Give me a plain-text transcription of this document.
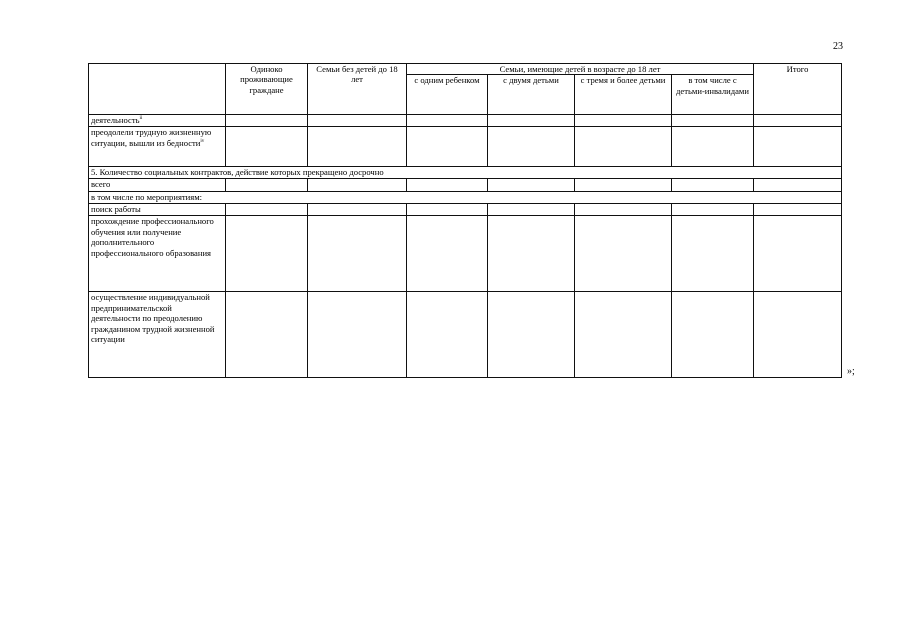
23
	Одиноко проживающие граждане	Семьи без детей до 18 лет	Семьи, имеющие детей в возрасте до 18 лет				Итого
			с одним ребенком	с двумя детьми	с тремя и более детьми	в том числе с детьми-инвалидами	
деятельность$^{ii}$							
преодолели трудную жизненную ситуации, вышли из бедности$^{iv}$							
5. Количество социальных контрактов, действие которых прекращено досрочно							
всего							
в том числе по мероприятиям:							
поиск работы							
прохождение профессионального обучения или получение дополнительного профессионального образования							
осуществление индивидуальной предпринимательской деятельности по преодолению гражданином трудной жизненной ситуации							
»;
